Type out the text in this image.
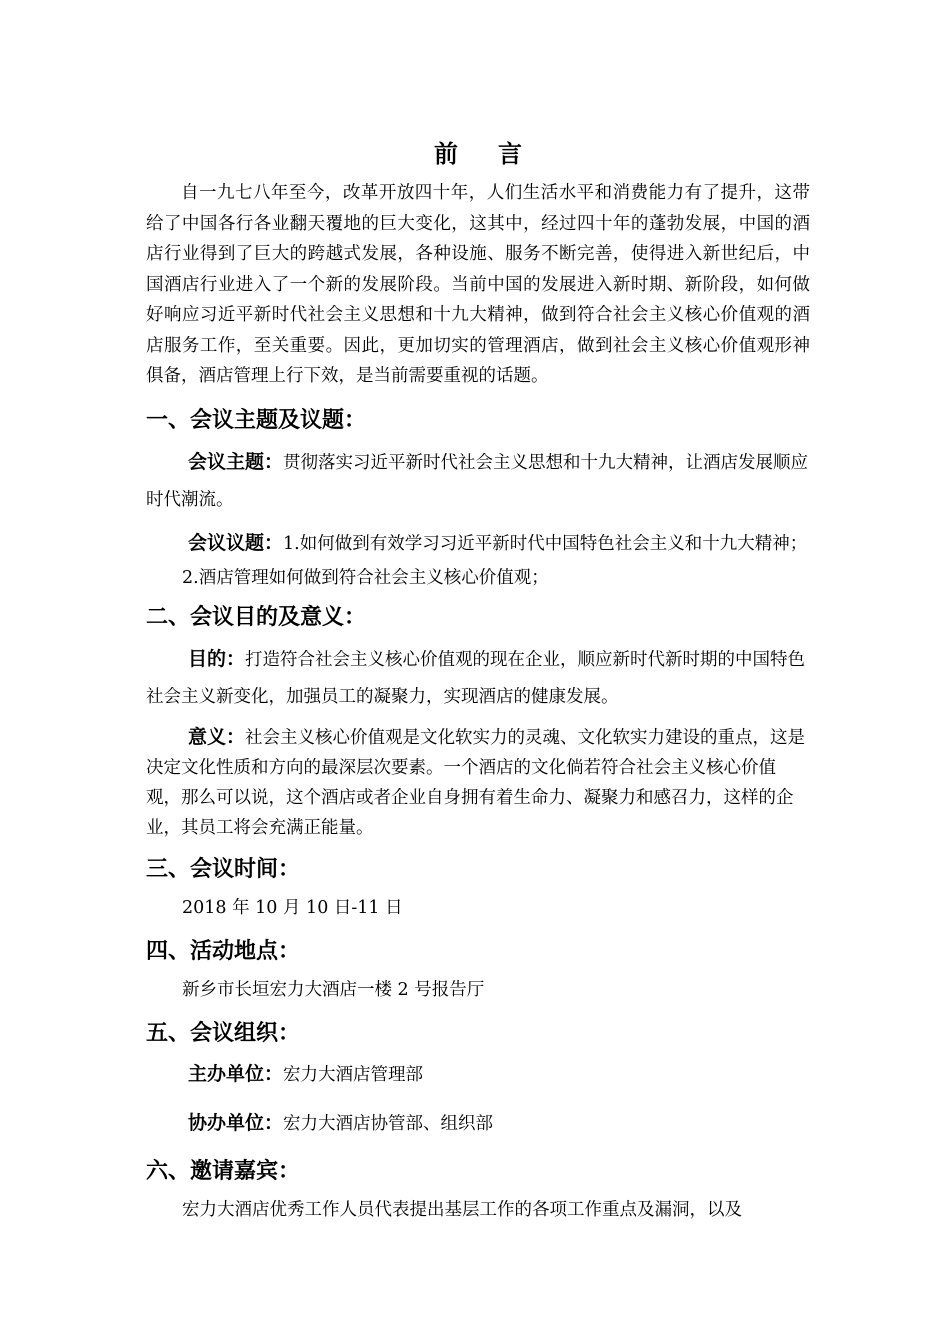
前 言

自一九七八年至今，改革开放四十年，人们生活水平和消费能力有了提升，这带给了中国各行各业翻天覆地的巨大变化，这其中，经过四十年的蓬勃发展，中国的酒店行业得到了巨大的跨越式发展，各种设施、服务不断完善，使得进入新世纪后，中国酒店行业进入了一个新的发展阶段。当前中国的发展进入新时期、新阶段，如何做好响应习近平新时代社会主义思想和十九大精神，做到符合社会主义核心价值观的酒店服务工作，至关重要。因此，更加切实的管理酒店，做到社会主义核心价值观形神俱备，酒店管理上行下效，是当前需要重视的话题。

一、会议主题及议题：

会议主题：贯彻落实习近平新时代社会主义思想和十九大精神，让酒店发展顺应时代潮流。

会议议题：1.如何做到有效学习习近平新时代中国特色社会主义和十九大精神；

2.酒店管理如何做到符合社会主义核心价值观；

二、会议目的及意义：

目的：打造符合社会主义核心价值观的现在企业，顺应新时代新时期的中国特色社会主义新变化，加强员工的凝聚力，实现酒店的健康发展。

意义：社会主义核心价值观是文化软实力的灵魂、文化软实力建设的重点，这是决定文化性质和方向的最深层次要素。一个酒店的文化倘若符合社会主义核心价值观，那么可以说，这个酒店或者企业自身拥有着生命力、凝聚力和感召力，这样的企业，其员工将会充满正能量。

三、会议时间：

2018 年 10 月 10 日-11 日

四、活动地点：

新乡市长垣宏力大酒店一楼 2 号报告厅

五、会议组织：

主办单位：宏力大酒店管理部

协办单位：宏力大酒店协管部、组织部

六、邀请嘉宾：

宏力大酒店优秀工作人员代表提出基层工作的各项工作重点及漏洞，以及
